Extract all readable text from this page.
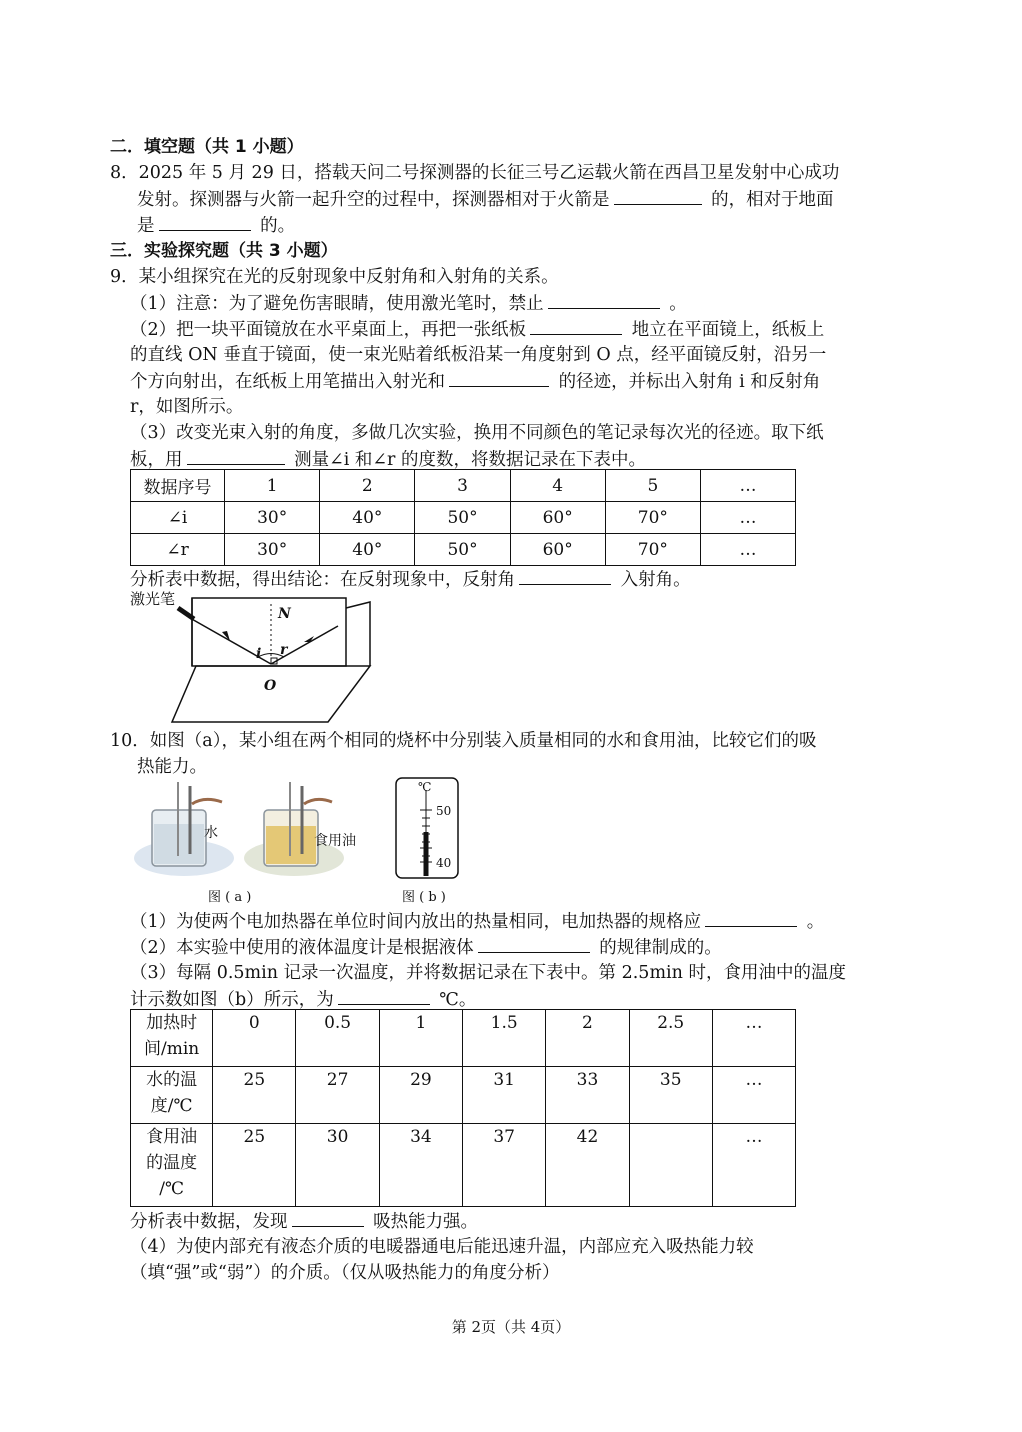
二．填空题（共 1 小题）
8．2025 年 5 月 29 日，搭载天问二号探测器的长征三号乙运载火箭在西昌卫星发射中心成功
发射。探测器与火箭一起升空的过程中，探测器相对于火箭是	的，相对于地面
是	的。
三．实验探究题（共 3 小题）
9．某小组探究在光的反射现象中反射角和入射角的关系。
（1）注意：为了避免伤害眼睛，使用激光笔时，禁止	。
（2）把一块平面镜放在水平桌面上，再把一张纸板	地立在平面镜上，纸板上
的直线 ON 垂直于镜面，使一束光贴着纸板沿某一角度射到 O 点，经平面镜反射，沿另一
个方向射出，在纸板上用笔描出入射光和	的径迹，并标出入射角 i 和反射角
r，如图所示。
（3）改变光束入射的角度，多做几次实验，换用不同颜色的笔记录每次光的径迹。取下纸
板，用	测量∠i 和∠r 的度数，将数据记录在下表中。
数据序号	1	2	3	4	5	…
∠i	30°	40°	50°	60°	70°	…
∠r	30°	40°	50°	60°	70°	…
分析表中数据，得出结论：在反射现象中，反射角	入射角。
激光笔
N
i r
O
10．如图（a），某小组在两个相同的烧杯中分别装入质量相同的水和食用油，比较它们的吸
热能力。
水	食用油
图 ( a )
℃
50
40
图 ( b )
（1）为使两个电加热器在单位时间内放出的热量相同，电加热器的规格应	。
（2）本实验中使用的液体温度计是根据液体	的规律制成的。
（3）每隔 0.5min 记录一次温度，并将数据记录在下表中。第 2.5min 时，食用油中的温度
计示数如图（b）所示，为	℃。
加热时
间/min	0	0.5	1	1.5	2	2.5	…
水的温
度/℃	25	27	29	31	33	35	…
食用油
的温度
/℃	25	30	34	37	42		…
分析表中数据，发现	吸热能力强。
（4）为使内部充有液态介质的电暖器通电后能迅速升温，内部应充入吸热能力较
（填“强”或“弱”）的介质。（仅从吸热能力的角度分析）
第 2页（共 4页）
